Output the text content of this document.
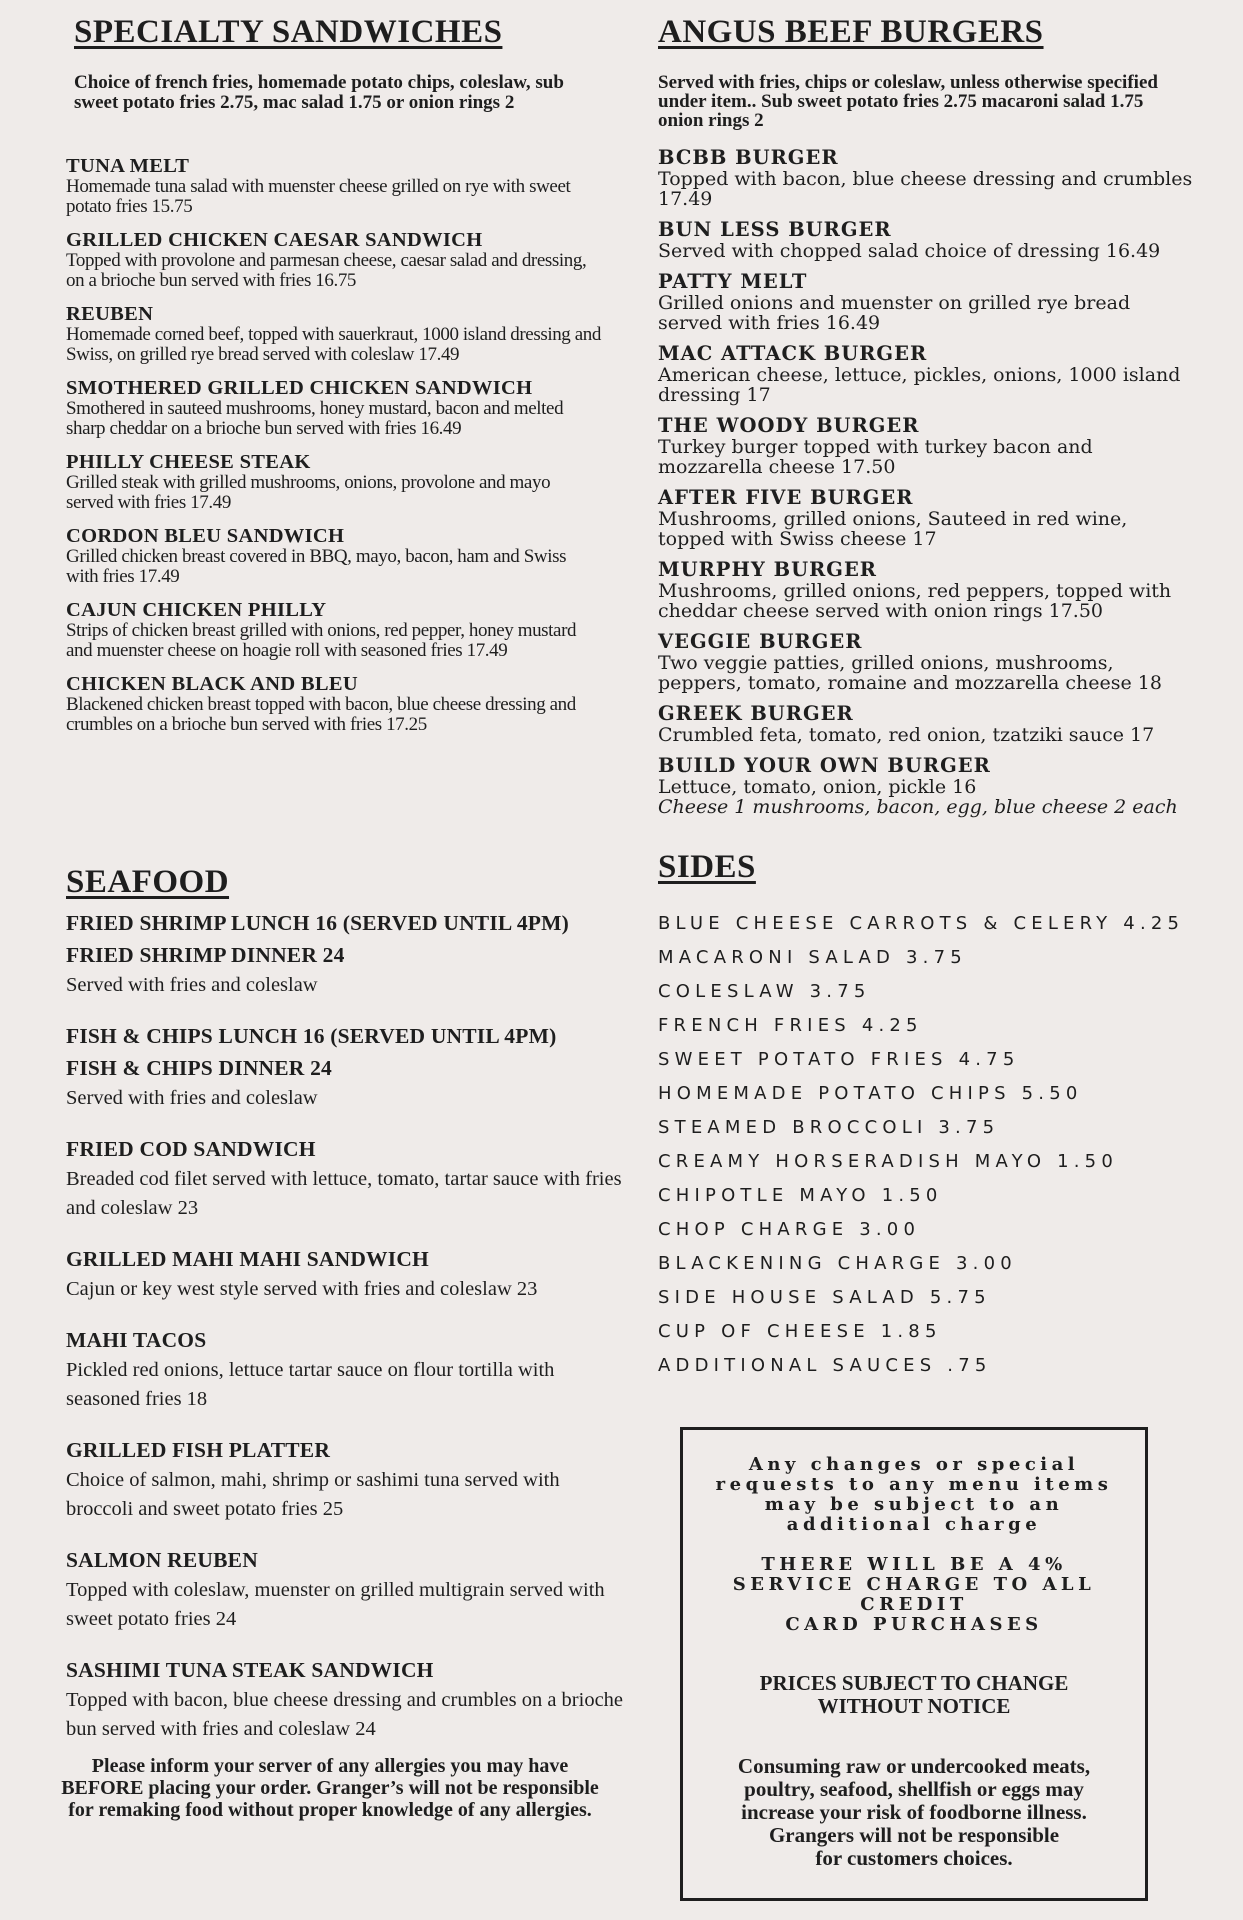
SPECIALTY SANDWICHES
Choice of french fries, homemade potato chips, coleslaw, sub sweet potato fries 2.75, mac salad 1.75 or onion rings 2
TUNA MELT
Homemade tuna salad with muenster cheese grilled on rye with sweet potato fries 15.75
GRILLED CHICKEN CAESAR SANDWICH
Topped with provolone and parmesan cheese, caesar salad and dressing, on a brioche bun served with fries 16.75
REUBEN
Homemade corned beef, topped with sauerkraut, 1000 island dressing and Swiss, on grilled rye bread served with coleslaw 17.49
SMOTHERED GRILLED CHICKEN SANDWICH
Smothered in sauteed mushrooms, honey mustard, bacon and melted sharp cheddar on a brioche bun served with fries 16.49
PHILLY CHEESE STEAK
Grilled steak with grilled mushrooms, onions, provolone and mayo served with fries 17.49
CORDON BLEU SANDWICH
Grilled chicken breast covered in BBQ, mayo, bacon, ham and Swiss with fries 17.49
CAJUN CHICKEN PHILLY
Strips of chicken breast grilled with onions, red pepper, honey mustard and muenster cheese on hoagie roll with seasoned fries 17.49
CHICKEN BLACK AND BLEU
Blackened chicken breast topped with bacon, blue cheese dressing and crumbles on a brioche bun served with fries 17.25
SEAFOOD
FRIED SHRIMP LUNCH 16 (SERVED UNTIL 4PM)
FRIED SHRIMP DINNER 24
Served with fries and coleslaw
FISH & CHIPS LUNCH 16 (SERVED UNTIL 4PM)
FISH & CHIPS DINNER 24
Served with fries and coleslaw
FRIED COD SANDWICH
Breaded cod filet served with lettuce, tomato, tartar sauce with fries and coleslaw 23
GRILLED MAHI MAHI SANDWICH
Cajun or key west style served with fries and coleslaw 23
MAHI TACOS
Pickled red onions, lettuce tartar sauce on flour tortilla with seasoned fries 18
GRILLED FISH PLATTER
Choice of salmon, mahi, shrimp or sashimi tuna served with broccoli and sweet potato fries 25
SALMON REUBEN
Topped with coleslaw, muenster on grilled multigrain served with sweet potato fries 24
SASHIMI TUNA STEAK SANDWICH
Topped with bacon, blue cheese dressing and crumbles on a brioche bun served with fries and coleslaw 24
Please inform your server of any allergies you may have BEFORE placing your order. Granger’s will not be responsible for remaking food without proper knowledge of any allergies.
ANGUS BEEF BURGERS
Served with fries, chips or coleslaw, unless otherwise specified under item.. Sub sweet potato fries 2.75 macaroni salad 1.75 onion rings 2
BCBB BURGER
Topped with bacon, blue cheese dressing and crumbles 17.49
BUN LESS BURGER
Served with chopped salad choice of dressing 16.49
PATTY MELT
Grilled onions and muenster on grilled rye bread served with fries 16.49
MAC ATTACK BURGER
American cheese, lettuce, pickles, onions, 1000 island dressing 17
THE WOODY BURGER
Turkey burger topped with turkey bacon and mozzarella cheese 17.50
AFTER FIVE BURGER
Mushrooms, grilled onions, Sauteed in red wine, topped with Swiss cheese 17
MURPHY BURGER
Mushrooms, grilled onions, red peppers, topped with cheddar cheese served with onion rings 17.50
VEGGIE BURGER
Two veggie patties, grilled onions, mushrooms, peppers, tomato, romaine and mozzarella cheese 18
GREEK BURGER
Crumbled feta, tomato, red onion, tzatziki sauce 17
BUILD YOUR OWN BURGER
Lettuce, tomato, onion, pickle 16
Cheese 1 mushrooms, bacon, egg, blue cheese 2 each
SIDES
BLUE CHEESE CARROTS & CELERY 4.25
MACARONI SALAD 3.75
COLESLAW 3.75
FRENCH FRIES 4.25
SWEET POTATO FRIES 4.75
HOMEMADE POTATO CHIPS 5.50
STEAMED BROCCOLI 3.75
CREAMY HORSERADISH MAYO 1.50
CHIPOTLE MAYO 1.50
CHOP CHARGE 3.00
BLACKENING CHARGE 3.00
SIDE HOUSE SALAD 5.75
CUP OF CHEESE 1.85
ADDITIONAL SAUCES .75
Any changes or special
requests to any menu items
may be subject to an
additional charge
THERE WILL BE A 4%
SERVICE CHARGE TO ALL
CREDIT
CARD PURCHASES
PRICES SUBJECT TO CHANGE
WITHOUT NOTICE
Consuming raw or undercooked meats,
poultry, seafood, shellfish or eggs may
increase your risk of foodborne illness.
Grangers will not be responsible
for customers choices.
